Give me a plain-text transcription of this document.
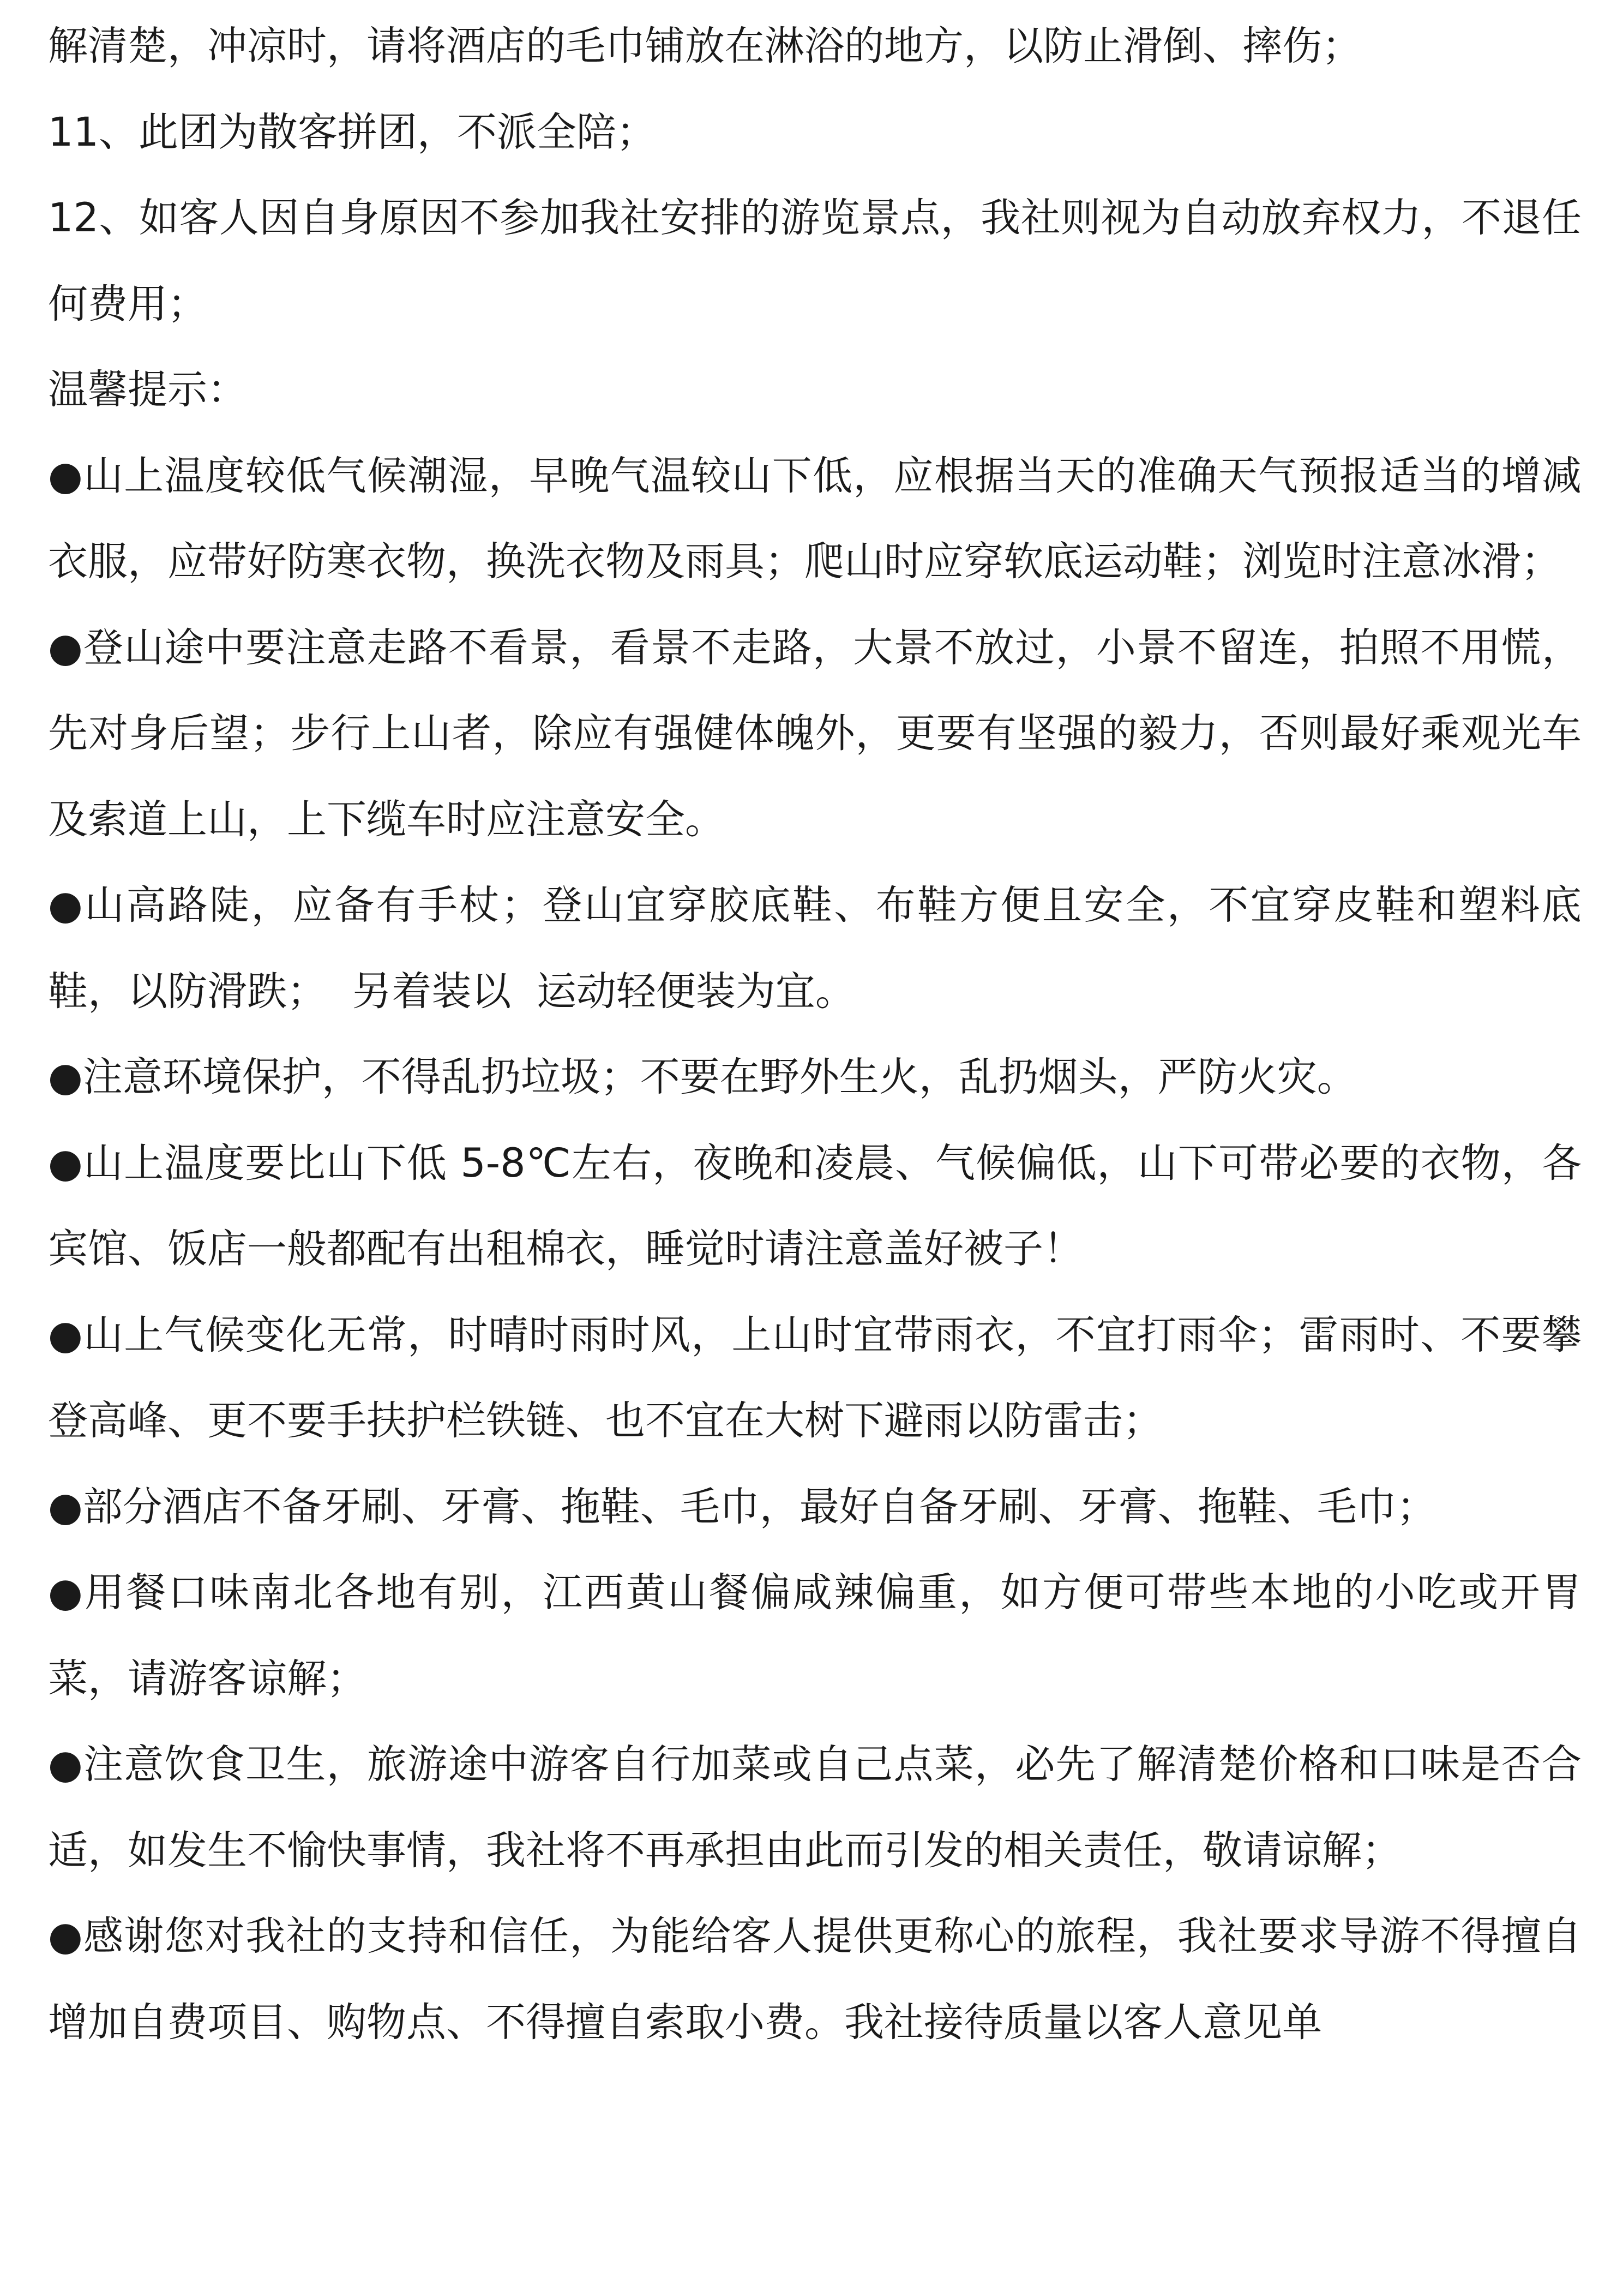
解清楚，冲凉时，请将酒店的毛巾铺放在淋浴的地方，以防止滑倒、摔伤；

11、此团为散客拼团，不派全陪；

12、如客人因自身原因不参加我社安排的游览景点，我社则视为自动放弃权力，不退任何费用；

温馨提示：

●山上温度较低气候潮湿，早晚气温较山下低，应根据当天的准确天气预报适当的增减衣服，应带好防寒衣物，换洗衣物及雨具；爬山时应穿软底运动鞋；浏览时注意冰滑；

●登山途中要注意走路不看景，看景不走路，大景不放过，小景不留连，拍照不用慌，先对身后望；步行上山者，除应有强健体魄外，更要有坚强的毅力，否则最好乘观光车及索道上山，上下缆车时应注意安全。

●山高路陡，应备有手杖；登山宜穿胶底鞋、布鞋方便且安全，不宜穿皮鞋和塑料底鞋，以防滑跌；  另着装以  运动轻便装为宜。

●注意环境保护，不得乱扔垃圾；不要在野外生火，乱扔烟头，严防火灾。

●山上温度要比山下低 5-8℃左右，夜晚和凌晨、气候偏低，山下可带必要的衣物，各宾馆、饭店一般都配有出租棉衣，睡觉时请注意盖好被子！

●山上气候变化无常，时晴时雨时风，上山时宜带雨衣，不宜打雨伞；雷雨时、不要攀登高峰、更不要手扶护栏铁链、也不宜在大树下避雨以防雷击；

●部分酒店不备牙刷、牙膏、拖鞋、毛巾，最好自备牙刷、牙膏、拖鞋、毛巾；

●用餐口味南北各地有别，江西黄山餐偏咸辣偏重，如方便可带些本地的小吃或开胃菜，请游客谅解；

●注意饮食卫生，旅游途中游客自行加菜或自己点菜，必先了解清楚价格和口味是否合适，如发生不愉快事情，我社将不再承担由此而引发的相关责任，敬请谅解；

●感谢您对我社的支持和信任，为能给客人提供更称心的旅程，我社要求导游不得擅自增加自费项目、购物点、不得擅自索取小费。我社接待质量以客人意见单
